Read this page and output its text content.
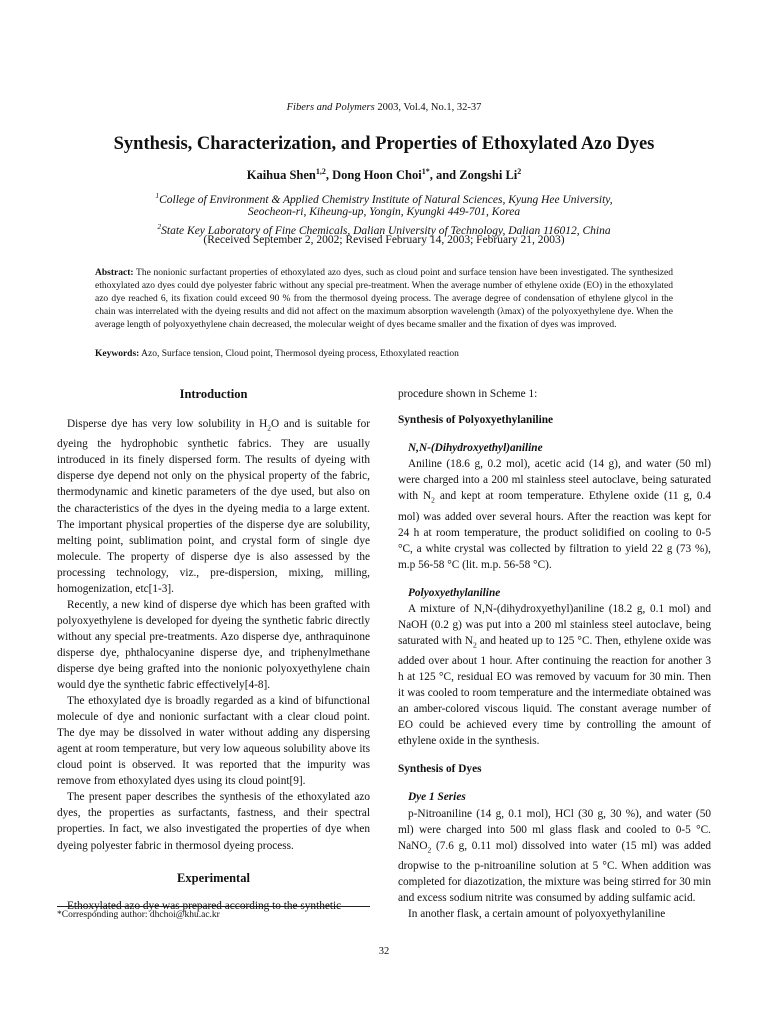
Fibers and Polymers 2003, Vol.4, No.1, 32-37
Synthesis, Characterization, and Properties of Ethoxylated Azo Dyes
Kaihua Shen$^{1,2}$, Dong Hoon Choi$^{1*}$, and Zongshi Li$^2$
$^1$College of Environment & Applied Chemistry Institute of Natural Sciences, Kyung Hee University,
Seocheon-ri, Kiheung-up, Yongin, Kyungki 449-701, Korea
$^2$State Key Laboratory of Fine Chemicals, Dalian University of Technology, Dalian 116012, China
(Received September 2, 2002; Revised February 14, 2003; February 21, 2003)

Abstract: The nonionic surfactant properties of ethoxylated azo dyes, such as cloud point and surface tension have been investigated. The synthesized ethoxylated azo dyes could dye polyester fabric without any special pre-treatment. When the average number of ethylene oxide (EO) in the ethoxylated azo dye reached 6, its fixation could exceed 90 % from the thermosol dyeing process. The average degree of condensation of ethylene glycol in the chain was interrelated with the dyeing results and did not affect on the maximum absorption wavelength (λmax) of the polyoxyethylene dye. When the average length of polyoxyethylene chain decreased, the molecular weight of dyes became smaller and the fixation of dyes was improved.

Keywords: Azo, Surface tension, Cloud point, Thermosol dyeing process, Ethoxylated reaction
Introduction

Disperse dye has very low solubility in $H_2O$ and is suitable for dyeing the hydrophobic synthetic fabrics. They are usually introduced in its finely dispersed form. The results of dyeing with disperse dye depend not only on the physical property of the fabric, thermodynamic and kinetic parameters of the dye used, but also on the characteristics of the dyes in the dyeing media to a large extent. The important physical properties of the disperse dye are solubility, melting point, sublimation point, and crystal form of single dye molecule. The property of disperse dye is also assessed by the processing technology, viz., pre-dispersion, mixing, milling, homogenization, etc[1-3].

Recently, a new kind of disperse dye which has been grafted with polyoxyethylene is developed for dyeing the synthetic fabric directly without any special pre-treatments. Azo disperse dye, anthraquinone disperse dye, phthalocyanine disperse dye, and triphenylmethane disperse dye being grafted into the nonionic polyoxyethylene chain would dye the synthetic fabric effectively[4-8].

The ethoxylated dye is broadly regarded as a kind of bifunctional molecule of dye and nonionic surfactant with a clear cloud point. The dye may be dissolved in water without adding any dispersing agent at room temperature, but very low aqueous solubility above its cloud point is observed. It was reported that the impurity was remove from ethoxylated dyes using its cloud point[9].

The present paper describes the synthesis of the ethoxylated azo dyes, the properties as surfactants, fastness, and their spectral properties. In fact, we also investigated the properties of dye when dyeing polyester fabric in thermosol dyeing process.

Experimental

Ethoxylated azo dye was prepared according to the synthetic

procedure shown in Scheme 1:

Synthesis of Polyoxyethylaniline
N,N-(Dihydroxyethyl)aniline

Aniline (18.6 g, 0.2 mol), acetic acid (14 g), and water (50 ml) were charged into a 200 ml stainless steel autoclave, being saturated with $N_2$ and kept at room temperature. Ethylene oxide (11 g, 0.4 mol) was added over several hours. After the reaction was kept for 24 h at room temperature, the product solidified on cooling to 0-5 °C, a white crystal was collected by filtration to yield 22 g (73 %), m.p 56-58 °C (lit. m.p. 56-58 °C).

Polyoxyethylaniline

A mixture of N,N-(dihydroxyethyl)aniline (18.2 g, 0.1 mol) and NaOH (0.2 g) was put into a 200 ml stainless steel autoclave, being saturated with $N_2$ and heated up to 125 °C. Then, ethylene oxide was added over about 1 hour. After continuing the reaction for another 3 h at 125 °C, residual EO was removed by vacuum for 30 min. Then it was cooled to room temperature and the intermediate obtained was an amber-colored viscous liquid. The constant average number of EO could be achieved every time by controlling the amount of ethylene oxide in the synthesis.

Synthesis of Dyes
Dye 1 Series

p-Nitroaniline (14 g, 0.1 mol), HCl (30 g, 30 %), and water (50 ml) were charged into 500 ml glass flask and cooled to 0-5 °C. NaNO$_2$ (7.6 g, 0.11 mol) dissolved into water (15 ml) was added dropwise to the p-nitroaniline solution at 5 °C. When addition was completed for diazotization, the mixture was being stirred for 30 min and excess sodium nitrite was consumed by adding sulfamic acid.

In another flask, a certain amount of polyoxyethylaniline

*Corresponding author: dhchoi@khu.ac.kr
32
